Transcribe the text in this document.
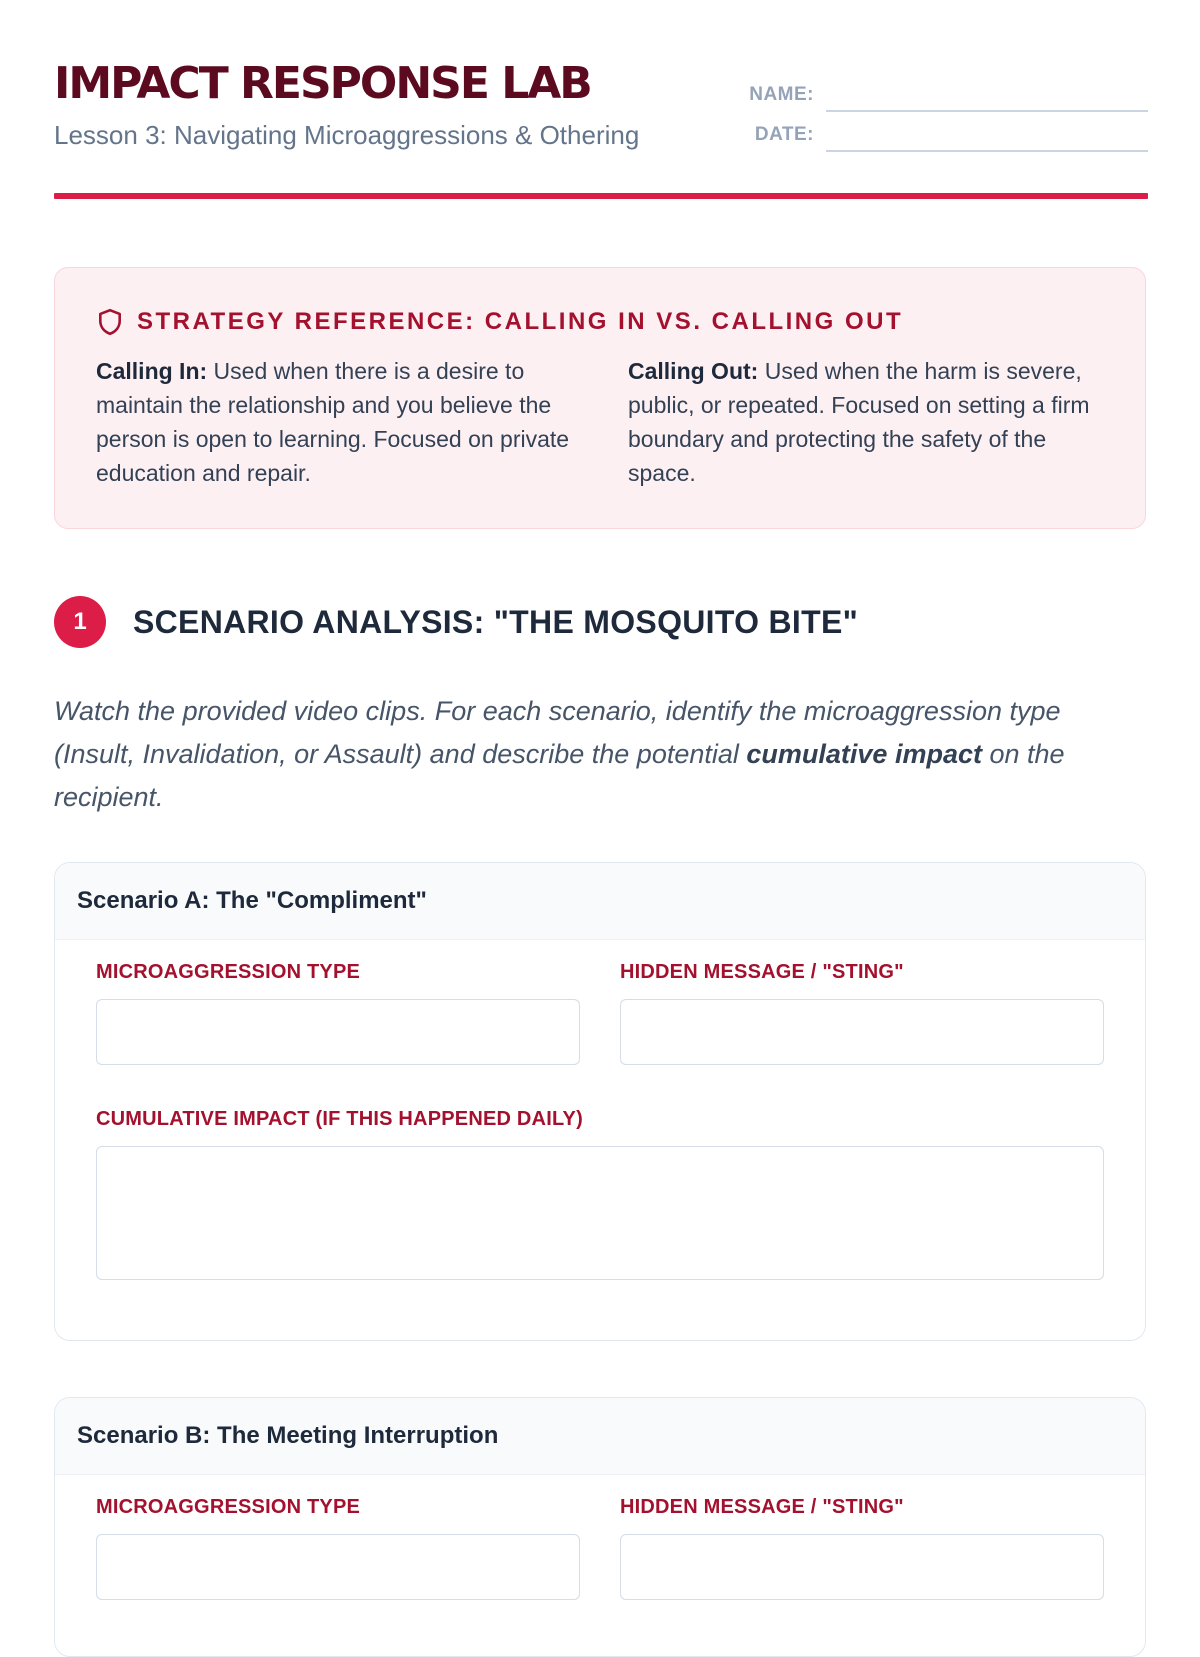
IMPACT RESPONSE LAB

Lesson 3: Navigating Microaggressions & Othering

NAME:
DATE:
STRATEGY REFERENCE: CALLING IN VS. CALLING OUT
Calling In: Used when there is a desire to maintain the relationship and you believe the person is open to learning. Focused on private education and repair.
Calling Out: Used when the harm is severe, public, or repeated. Focused on setting a firm boundary and protecting the safety of the space.
1	SCENARIO ANALYSIS: "THE MOSQUITO BITE"

Watch the provided video clips. For each scenario, identify the microaggression type (Insult, Invalidation, or Assault) and describe the potential cumulative impact on the recipient.

Scenario A: The "Compliment"
MICROAGGRESSION TYPE	HIDDEN MESSAGE / "STING"
CUMULATIVE IMPACT (IF THIS HAPPENED DAILY)
Scenario B: The Meeting Interruption
MICROAGGRESSION TYPE	HIDDEN MESSAGE / "STING"
